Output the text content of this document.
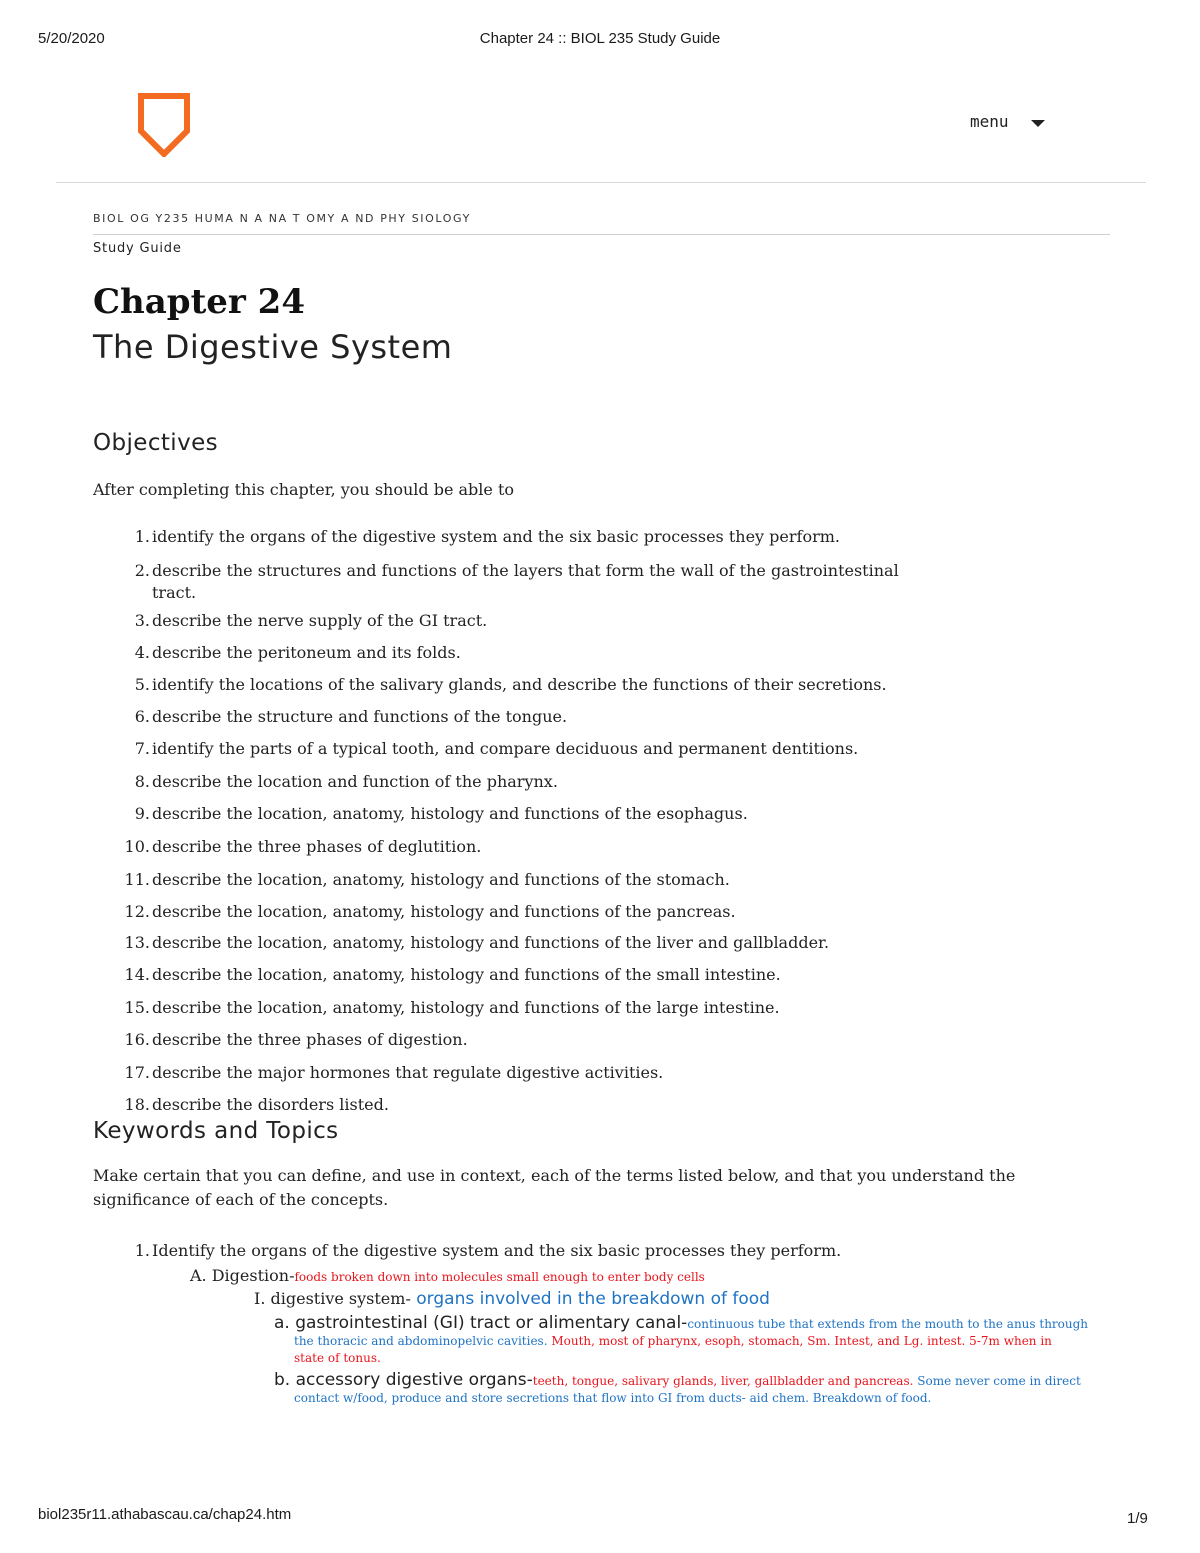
5/20/2020	Chapter 24 :: BIOL 235 Study Guide
menu
BIOL OG Y235 HUMA N A NA T OMY A ND PHY SIOLOGY
Study Guide
Chapter 24
The Digestive System
Objectives
After completing this chapter, you should be able to
1. identify the organs of the digestive system and the six basic processes they perform.
2. describe the structures and functions of the layers that form the wall of the gastrointestinal tract.
3. describe the nerve supply of the GI tract.
4. describe the peritoneum and its folds.
5. identify the locations of the salivary glands, and describe the functions of their secretions.
6. describe the structure and functions of the tongue.
7. identify the parts of a typical tooth, and compare deciduous and permanent dentitions.
8. describe the location and function of the pharynx.
9. describe the location, anatomy, histology and functions of the esophagus.
10. describe the three phases of deglutition.
11. describe the location, anatomy, histology and functions of the stomach.
12. describe the location, anatomy, histology and functions of the pancreas.
13. describe the location, anatomy, histology and functions of the liver and gallbladder.
14. describe the location, anatomy, histology and functions of the small intestine.
15. describe the location, anatomy, histology and functions of the large intestine.
16. describe the three phases of digestion.
17. describe the major hormones that regulate digestive activities.
18. describe the disorders listed.
Keywords and Topics
Make certain that you can define, and use in context, each of the terms listed below, and that you understand the significance of each of the concepts.
1. Identify the organs of the digestive system and the six basic processes they perform.
A. Digestion-foods broken down into molecules small enough to enter body cells
I. digestive system- organs involved in the breakdown of food
a. gastrointestinal (GI) tract or alimentary canal-continuous tube that extends from the mouth to the anus through
the thoracic and abdominopelvic cavities. Mouth, most of pharynx, esoph, stomach, Sm. Intest, and Lg. intest. 5-7m when in
state of tonus.
b. accessory digestive organs-teeth, tongue, salivary glands, liver, gallbladder and pancreas. Some never come in direct
contact w/food, produce and store secretions that flow into GI from ducts- aid chem. Breakdown of food.
biol235r11.athabascau.ca/chap24.htm	1/9
